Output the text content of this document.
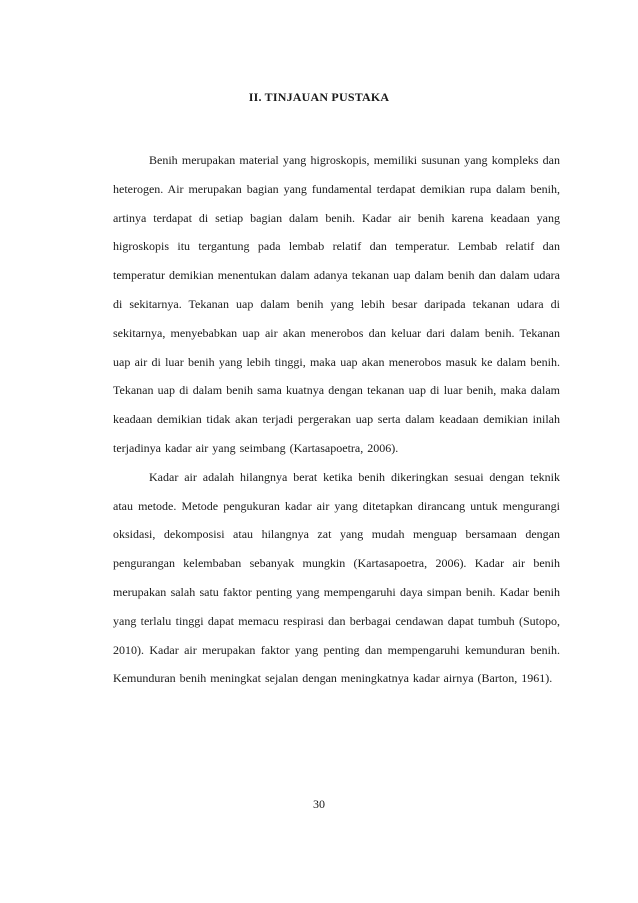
II. TINJAUAN PUSTAKA

Benih merupakan material yang higroskopis, memiliki susunan yang kompleks dan heterogen. Air merupakan bagian yang fundamental terdapat demikian rupa dalam benih, artinya terdapat di setiap bagian dalam benih. Kadar air benih karena keadaan yang higroskopis itu tergantung pada lembab relatif dan temperatur. Lembab relatif dan temperatur demikian menentukan dalam adanya tekanan uap dalam benih dan dalam udara di sekitarnya. Tekanan uap dalam benih yang lebih besar daripada tekanan udara di sekitarnya, menyebabkan uap air akan menerobos dan keluar dari dalam benih. Tekanan uap air di luar benih yang lebih tinggi, maka uap akan menerobos masuk ke dalam benih. Tekanan uap di dalam benih sama kuatnya dengan tekanan uap di luar benih, maka dalam keadaan demikian tidak akan terjadi pergerakan uap serta dalam keadaan demikian inilah terjadinya kadar air yang seimbang (Kartasapoetra, 2006).

Kadar air adalah hilangnya berat ketika benih dikeringkan sesuai dengan teknik atau metode. Metode pengukuran kadar air yang ditetapkan dirancang untuk mengurangi oksidasi, dekomposisi atau hilangnya zat yang mudah menguap bersamaan dengan pengurangan kelembaban sebanyak mungkin (Kartasapoetra, 2006). Kadar air benih merupakan salah satu faktor penting yang mempengaruhi daya simpan benih. Kadar benih yang terlalu tinggi dapat memacu respirasi dan berbagai cendawan dapat tumbuh (Sutopo, 2010). Kadar air merupakan faktor yang penting dan mempengaruhi kemunduran benih. Kemunduran benih meningkat sejalan dengan meningkatnya kadar airnya (Barton, 1961).

30
